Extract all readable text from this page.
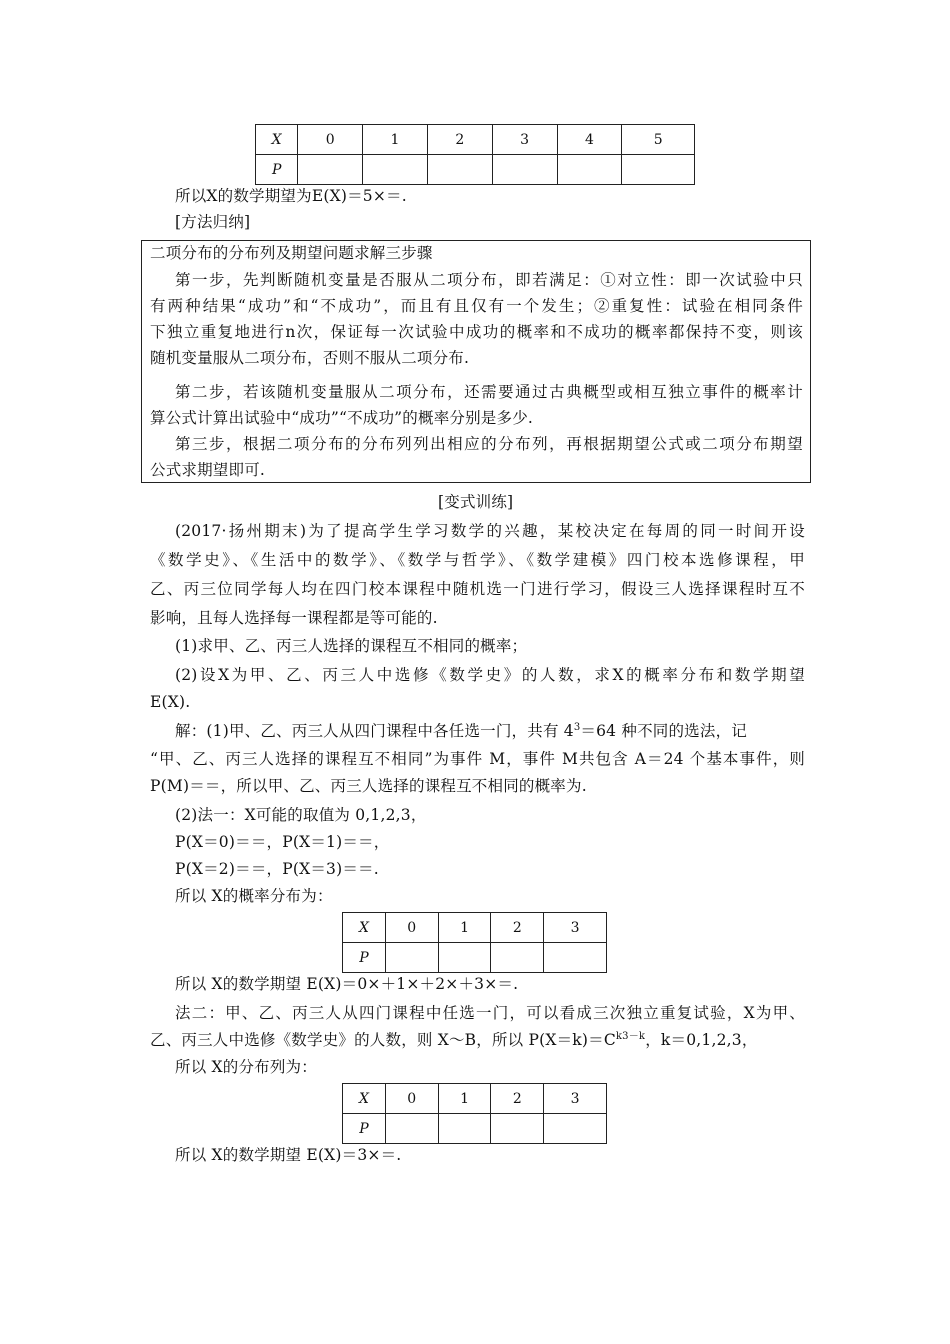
X	0	1	2	3	4	5
P						
所以X的数学期望为E(X)＝5×＝.
[方法归纳]
二项分布的分布列及期望问题求解三步骤
第一步，先判断随机变量是否服从二项分布，即若满足：①对立性：即一次试验中只
有两种结果“成功”和“不成功”，而且有且仅有一个发生；②重复性：试验在相同条件
下独立重复地进行n次，保证每一次试验中成功的概率和不成功的概率都保持不变，则该
随机变量服从二项分布，否则不服从二项分布.
第二步，若该随机变量服从二项分布，还需要通过古典概型或相互独立事件的概率计
算公式计算出试验中“成功”“不成功”的概率分别是多少.
第三步，根据二项分布的分布列列出相应的分布列，再根据期望公式或二项分布期望
公式求期望即可.
[变式训练]
(2017·扬州期末)为了提高学生学习数学的兴趣，某校决定在每周的同一时间开设
《数学史》、《生活中的数学》、《数学与哲学》、《数学建模》四门校本选修课程，甲
乙、丙三位同学每人均在四门校本课程中随机选一门进行学习，假设三人选择课程时互不
影响，且每人选择每一课程都是等可能的.
(1)求甲、乙、丙三人选择的课程互不相同的概率；
(2)设X为甲、乙、丙三人中选修《数学史》的人数，求X的概率分布和数学期望
E(X).
解：(1)甲、乙、丙三人从四门课程中各任选一门，共有 $4^3=64$ 种不同的选法，记
“甲、乙、丙三人选择的课程互不相同”为事件 M，事件 M共包含 A＝24 个基本事件，则
P(M)＝＝，所以甲、乙、丙三人选择的课程互不相同的概率为.
(2)法一：X可能的取值为 0,1,2,3，
P(X＝0)＝＝，P(X＝1)＝＝，
P(X＝2)＝＝，P(X＝3)＝＝.
所以 X的概率分布为：
X	0	1	2	3
P				
所以 X的数学期望 E(X)＝0×＋1×＋2×＋3×＝.
法二：甲、乙、丙三人从四门课程中任选一门，可以看成三次独立重复试验，X为甲、
乙、丙三人中选修《数学史》的人数，则 X～B，所以 $P(X=k)=C^{k3-k}$，k＝0,1,2,3，
所以 X的分布列为：
X	0	1	2	3
P				
所以 X的数学期望 E(X)＝3×＝.
